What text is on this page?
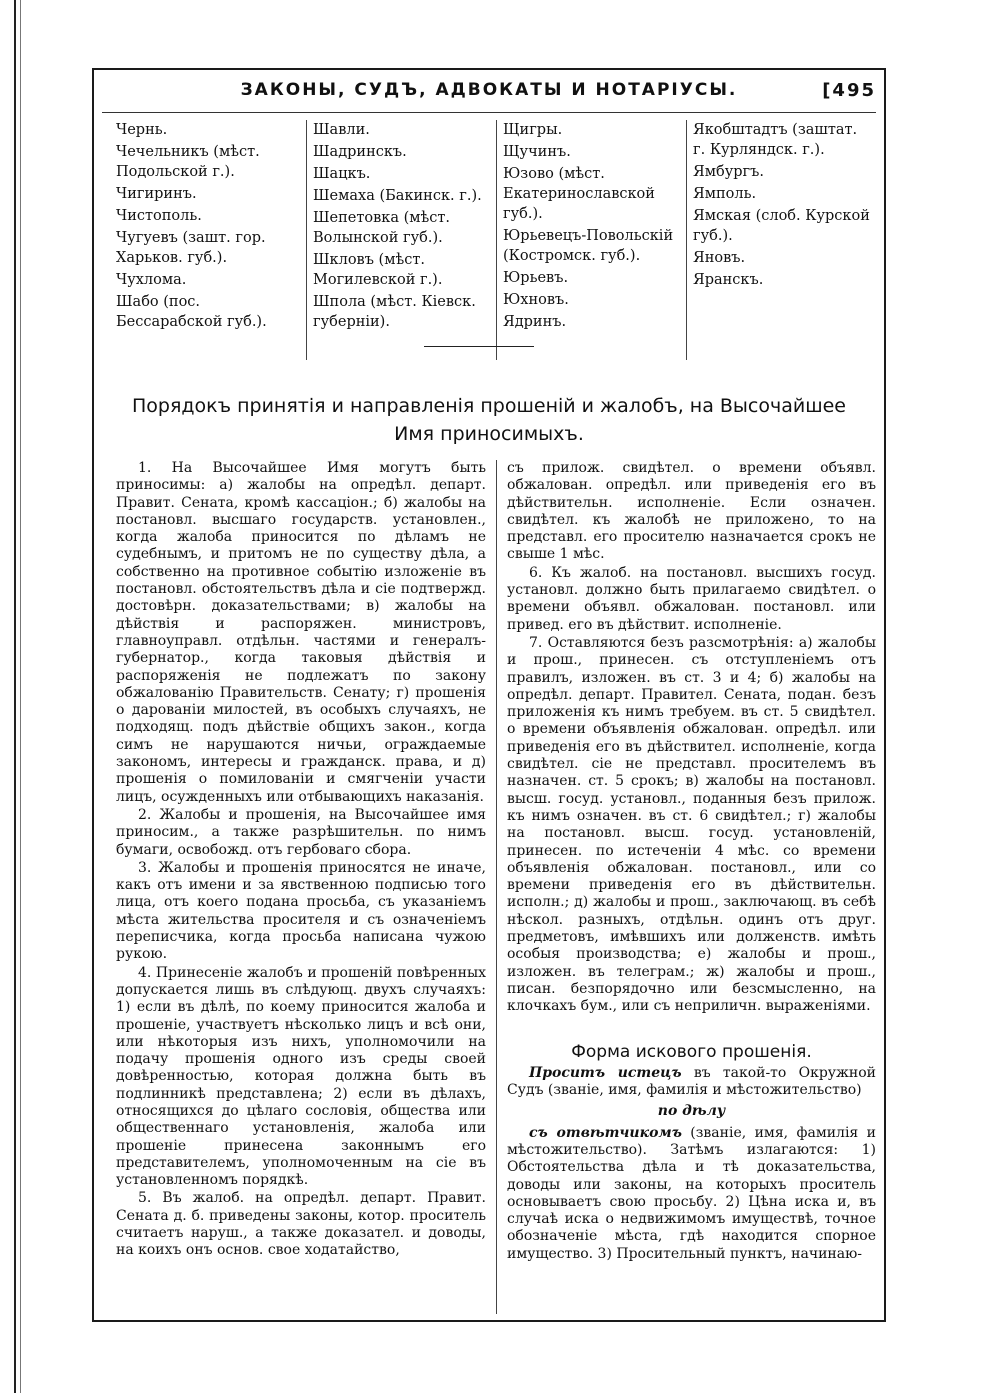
ЗАКОНЫ, СУДЪ, АДВОКАТЫ И НОТАРІУСЫ.	[495
Чернь.
Чечельникъ (мѣст. Подольской г.).
Чигиринъ.
Чистополь.
Чугуевъ (зашт. гор. Харьков. губ.).
Чухлома.
Шабо (пос. Бессарабской губ.).
Шавли.
Шадринскъ.
Шацкъ.
Шемаха (Бакинск. г.).
Шепетовка (мѣст. Волынской губ.).
Шкловъ (мѣст. Могилевской г.).
Шпола (мѣст. Кіевск. губерніи).
Щигры.
Щучинъ.
Юзово (мѣст. Екатеринославской губ.).
Юрьевецъ-Повольскій (Костромск. губ.).
Юрьевъ.
Юхновъ.
Ядринъ.
Якобштадтъ (заштат. г. Курляндск. г.).
Ямбургъ.
Ямполь.
Ямская (слоб. Курской губ.).
Яновъ.
Яранскъ.
Порядокъ принятія и направленія прошеній и жалобъ, на Высочайшее
Имя приносимыхъ.

1. На Высочайшее Имя могутъ быть приносимы: а) жалобы на опредѣл. департ. Правит. Сената, кромѣ кассаціон.; б) жалобы на постановл. высшаго государств. установлен., когда жалоба приносится по дѣламъ не судебнымъ, и притомъ не по существу дѣла, а собственно на противное событію изложеніе въ постановл. обстоятельствъ дѣла и сіе подтвержд. достовѣрн. доказательствами; в) жалобы на дѣйствія и распоряжен. министровъ, главноуправл. отдѣльн. частями и генералъ-губернатор., когда таковыя дѣйствія и распоряженія не подлежатъ по закону обжалованію Правительств. Сенату; г) прошенія о дарованіи милостей, въ особыхъ случаяхъ, не подходящ. подъ дѣйствіе общихъ закон., когда симъ не нарушаются ничьи, ограждаемые закономъ, интересы и гражданск. права, и д) прошенія о помилованіи и смягченіи участи лицъ, осужденныхъ или отбывающихъ наказанія.

2. Жалобы и прошенія, на Высочайшее имя приносим., а также разрѣшительн. по нимъ бумаги, освобожд. отъ гербоваго сбора.

3. Жалобы и прошенія приносятся не иначе, какъ отъ имени и за явственною подписью того лица, отъ коего подана просьба, съ указаніемъ мѣста жительства просителя и съ означеніемъ переписчика, когда просьба написана чужою рукою.

4. Принесеніе жалобъ и прошеній повѣренных допускается лишь въ слѣдующ. двухъ случаяхъ: 1) если въ дѣлѣ, по коему приносится жалоба и прошеніе, участвуетъ нѣсколько лицъ и всѣ они, или нѣкоторыя изъ нихъ, уполномочили на подачу прошенія одного изъ среды своей довѣренностью, которая должна быть въ подлинникѣ представлена; 2) если въ дѣлахъ, относящихся до цѣлаго сословія, общества или общественнаго установленія, жалоба или прошеніе принесена законнымъ его представителемъ, уполномоченным на сіе въ установленномъ порядкѣ.

5. Въ жалоб. на опредѣл. департ. Правит. Сената д. б. приведены законы, котор. проситель считаетъ наруш., а также доказател. и доводы, на коихъ онъ основ. свое ходатайство,

съ прилож. свидѣтел. о времени объявл. обжалован. опредѣл. или приведенія его въ дѣйствительн. исполненіе. Если означен. свидѣтел. къ жалобѣ не приложено, то на представл. его просителю назначается срокъ не свыше 1 мѣс.

6. Къ жалоб. на постановл. высшихъ госуд. установл. должно быть прилагаемо свидѣтел. о времени объявл. обжалован. постановл. или привед. его въ дѣйствит. исполненіе.

7. Оставляются безъ разсмотрѣнія: а) жалобы и прош., принесен. съ отступленіемъ отъ правилъ, изложен. въ ст. 3 и 4; б) жалобы на опредѣл. департ. Правител. Сената, подан. безъ приложенія къ нимъ требуем. въ ст. 5 свидѣтел. о времени объявленія обжалован. опредѣл. или приведенія его въ дѣйствител. исполненіе, когда свидѣтел. сіе не представл. просителемъ въ назначен. ст. 5 срокъ; в) жалобы на постановл. высш. госуд. установл., поданныя безъ прилож. къ нимъ означен. въ ст. 6 свидѣтел.; г) жалобы на постановл. высш. госуд. установленій, принесен. по истеченіи 4 мѣс. со времени объявленія обжалован. постановл., или со времени приведенія его въ дѣйствительн. исполн.; д) жалобы и прош., заключающ. въ себѣ нѣскол. разныхъ, отдѣльн. одинъ отъ друг. предметовъ, имѣвшихъ или долженств. имѣть особыя производства; е) жалобы и прош., изложен. въ телеграм.; ж) жалобы и прош., писан. безпорядочно или безсмысленно, на клочкахъ бум., или съ неприличн. выраженіями.

Форма искового прошенія.

Проситъ истецъ въ такой-то Окружной Судъ (званіе, имя, фамилія и мѣстожительство)

по дѣлу

съ отвѣтчикомъ (званіе, имя, фамилія и мѣстожительство). Затѣмъ излагаются: 1) Обстоятельства дѣла и тѣ доказательства, доводы или законы, на которыхъ проситель основываетъ свою просьбу. 2) Цѣна иска и, въ случаѣ иска о недвижимомъ имуществѣ, точное обозначеніе мѣста, гдѣ находится спорное имущество. 3) Просительный пунктъ, начинаю-
